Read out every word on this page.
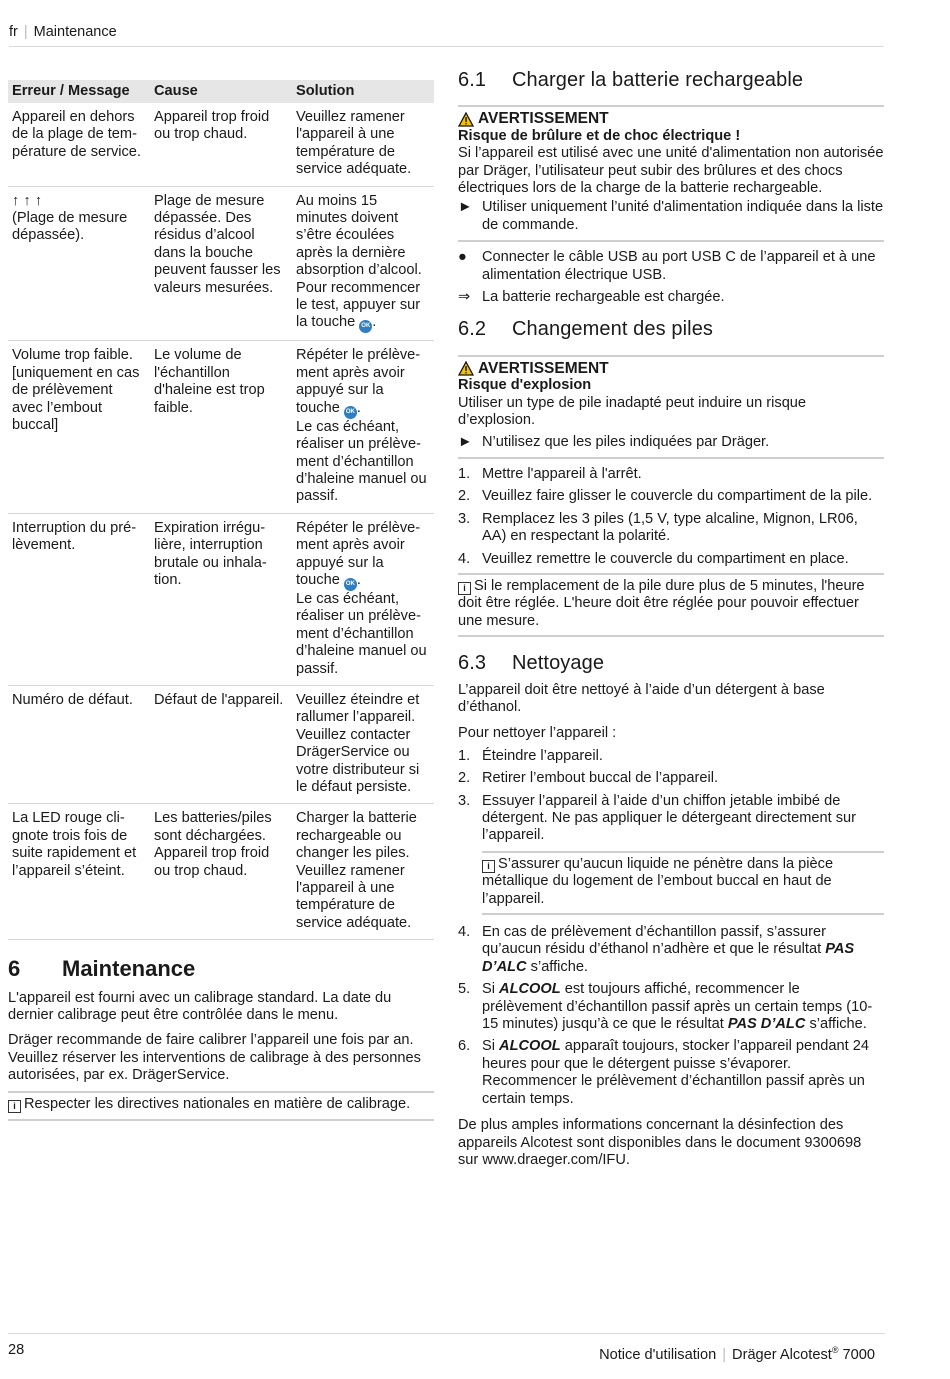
fr | Maintenance
Erreur / Message	Cause	Solution
Appareil en dehors de la plage de température de service.	Appareil trop froid ou trop chaud.	Veuillez ramener l'appareil à une température de service adéquate.

↑ ↑ ↑
(Plage de mesure dépassée).	Plage de mesure dépassée. Des résidus d’alcool dans la bouche peuvent fausser les valeurs mesurées.	Au moins 15 minutes doivent s’être écoulées après la dernière absorption d’alcool. Pour recommencer le test, appuyer sur la touche OK .
Volume trop faible. [uniquement en cas de prélèvement avec l’embout buccal]	Le volume de l'échantillon d'haleine est trop faible.	Répéter le prélèvement après avoir appuyé sur la touche OK .
Le cas échéant, réaliser un prélèvement d’échantillon d’haleine manuel ou passif.

Interruption du prélèvement.	Expiration irrégulière, interruption brutale ou inhalation.	Répéter le prélèvement après avoir appuyé sur la touche OK .
Le cas échéant, réaliser un prélèvement d’échantillon d’haleine manuel ou passif.

Numéro de défaut.	Défaut de l'appareil.	Veuillez éteindre et rallumer l’appareil. Veuillez contacter DrägerService ou votre distributeur si le défaut persiste.
La LED rouge clignote trois fois de suite rapidement et l’appareil s’éteint.	Les batteries/piles sont déchargées. Appareil trop froid ou trop chaud.	Charger la batterie rechargeable ou changer les piles. Veuillez ramener l'appareil à une température de service adéquate.
6	Maintenance

L'appareil est fourni avec un calibrage standard. La date du dernier calibrage peut être contrôlée dans le menu.

Dräger recommande de faire calibrer l’appareil une fois par an. Veuillez réserver les interventions de calibrage à des personnes autorisées, par ex. DrägerService.

i Respecter les directives nationales en matière de calibrage.

6.1	Charger la batterie rechargeable
AVERTISSEMENT

Risque de brûlure et de choc électrique !

Si l’appareil est utilisé avec une unité d'alimentation non autorisée par Dräger, l’utilisateur peut subir des brûlures et des chocs électriques lors de la charge de la batterie rechargeable.

► Utiliser uniquement l’unité d'alimentation indiquée dans la liste de commande.
●	Connecter le câble USB au port USB C de l’appareil et à une alimentation électrique USB.
⇒ La batterie rechargeable est chargée.
6.2	Changement des piles
AVERTISSEMENT

Risque d'explosion

Utiliser un type de pile inadapté peut induire un risque d’explosion.

► N’utilisez que les piles indiquées par Dräger.
1. Mettre l'appareil à l'arrêt.
2. Veuillez faire glisser le couvercle du compartiment de la pile.
3. Remplacez les 3 piles (1,5 V, type alcaline, Mignon, LR06, AA) en respectant la polarité.
4. Veuillez remettre le couvercle du compartiment en place.

i Si le remplacement de la pile dure plus de 5 minutes, l'heure doit être réglée. L'heure doit être réglée pour pouvoir effectuer une mesure.

6.3	Nettoyage

L’appareil doit être nettoyé à l’aide d’un détergent à base d’éthanol.

Pour nettoyer l’appareil :

1. Éteindre l’appareil.
2. Retirer l’embout buccal de l’appareil.
3. Essuyer l’appareil à l’aide d’un chiffon jetable imbibé de détergent. Ne pas appliquer le détergeant directement sur l’appareil.

i S’assurer qu’aucun liquide ne pénètre dans la pièce métallique du logement de l’embout buccal en haut de l’appareil.

4. En cas de prélèvement d’échantillon passif, s’assurer qu’aucun résidu d’éthanol n’adhère et que le résultat PAS D’ALC s’affiche.
5. Si ALCOOL est toujours affiché, recommencer le prélèvement d’échantillon passif après un certain temps (10-15 minutes) jusqu’à ce que le résultat PAS D’ALC s’affiche.
6. Si ALCOOL apparaît toujours, stocker l’appareil pendant 24 heures pour que le détergent puisse s’évaporer. Recommencer le prélèvement d’échantillon passif après un certain temps.

De plus amples informations concernant la désinfection des appareils Alcotest sont disponibles dans le document 9300698 sur www.draeger.com/IFU.

28	Notice d'utilisation | Dräger Alcotest® 7000
